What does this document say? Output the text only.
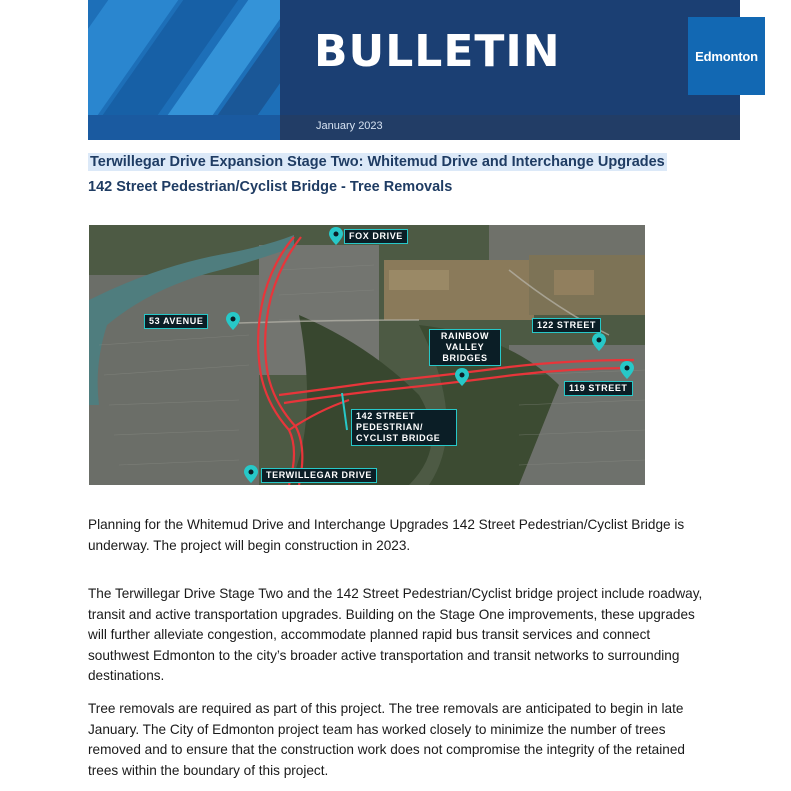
BULLETIN
January 2023
Edmonton
Terwillegar Drive Expansion Stage Two: Whitemud Drive and Interchange Upgrades
142 Street Pedestrian/Cyclist Bridge - Tree Removals
FOX DRIVE
53 AVENUE
RAINBOW VALLEY BRIDGES
122 STREET
119 STREET
142 STREET PEDESTRIAN/ CYCLIST BRIDGE
TERWILLEGAR DRIVE

Planning for the Whitemud Drive and Interchange Upgrades 142 Street Pedestrian/Cyclist Bridge is underway. The project will begin construction in 2023.

The Terwillegar Drive Stage Two and the 142 Street Pedestrian/Cyclist bridge project include roadway, transit and active transportation upgrades. Building on the Stage One improvements, these upgrades will further alleviate congestion, accommodate planned rapid bus transit services and connect southwest Edmonton to the city’s broader active transportation and transit networks to surrounding destinations.

Tree removals are required as part of this project. The tree removals are anticipated to begin in late January. The City of Edmonton project team has worked closely to minimize the number of trees removed and to ensure that the construction work does not compromise the integrity of the retained trees within the boundary of this project.
